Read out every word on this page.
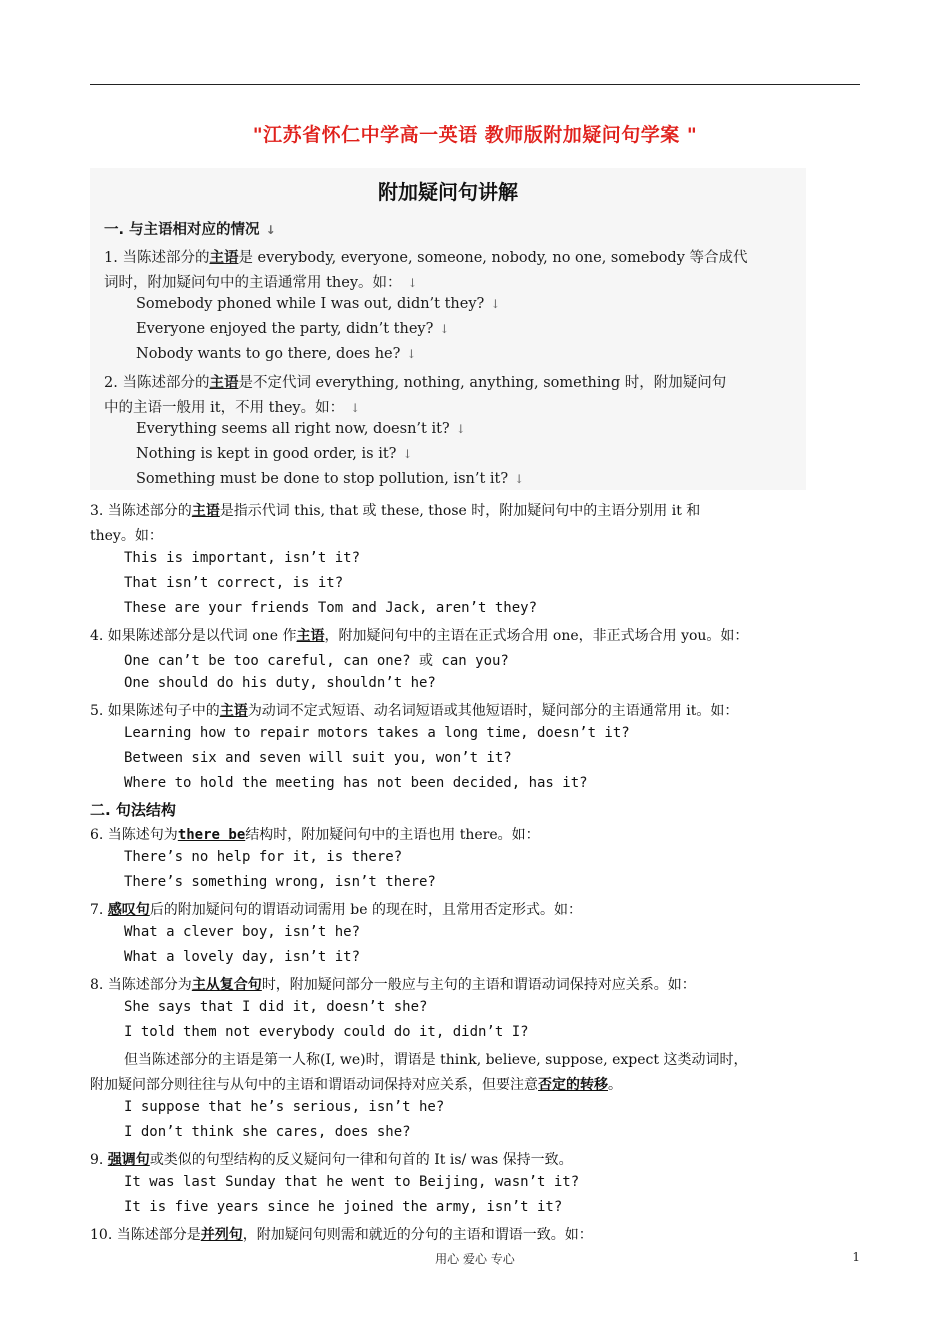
"江苏省怀仁中学高一英语 教师版附加疑问句学案 "
附加疑问句讲解
一. 与主语相对应的情况 ↓
1. 当陈述部分的主语是 everybody, everyone, someone, nobody, no one, somebody 等合成代
词时，附加疑问句中的主语通常用 they。如： ↓
Somebody phoned while I was out, didn’t they? ↓
Everyone enjoyed the party, didn’t they? ↓
Nobody wants to go there, does he? ↓
2. 当陈述部分的主语是不定代词 everything, nothing, anything, something 时，附加疑问句
中的主语一般用 it，不用 they。如： ↓
Everything seems all right now, doesn’t it? ↓
Nothing is kept in good order, is it? ↓
Something must be done to stop pollution, isn’t it? ↓
3. 当陈述部分的主语是指示代词 this, that 或 these, those 时，附加疑问句中的主语分别用 it 和
they。如：
This is important, isn’t it?
That isn’t correct, is it?
These are your friends Tom and Jack, aren’t they?
4. 如果陈述部分是以代词 one 作主语，附加疑问句中的主语在正式场合用 one，非正式场合用 you。如：
One can’t be too careful, can one? 或 can you?
One should do his duty, shouldn’t he?
5. 如果陈述句子中的主语为动词不定式短语、动名词短语或其他短语时，疑问部分的主语通常用 it。如：
Learning how to repair motors takes a long time, doesn’t it?
Between six and seven will suit you, won’t it?
Where to hold the meeting has not been decided, has it?
二. 句法结构
6. 当陈述句为there be结构时，附加疑问句中的主语也用 there。如：
There’s no help for it, is there?
There’s something wrong, isn’t there?
7. 感叹句后的附加疑问句的谓语动词需用 be 的现在时，且常用否定形式。如：
What a clever boy, isn’t he?
What a lovely day, isn’t it?
8. 当陈述部分为主从复合句时，附加疑问部分一般应与主句的主语和谓语动词保持对应关系。如：
She says that I did it, doesn’t she?
I told them not everybody could do it, didn’t I?
但当陈述部分的主语是第一人称(I, we)时，谓语是 think, believe, suppose, expect 这类动词时，
附加疑问部分则往往与从句中的主语和谓语动词保持对应关系，但要注意否定的转移。
I suppose that he’s serious, isn’t he?
I don’t think she cares, does she?
9. 强调句或类似的句型结构的反义疑问句一律和句首的 It is/ was 保持一致。
It was last Sunday that he went to Beijing, wasn’t it?
It is five years since he joined the army, isn’t it?
10. 当陈述部分是并列句，附加疑问句则需和就近的分句的主语和谓语一致。如：
用心 爱心 专心	1
